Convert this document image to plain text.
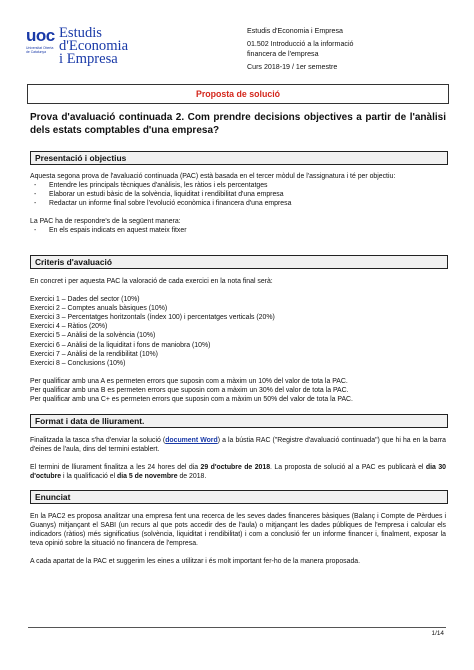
uoc
Universitat Oberta de Catalunya
Estudis
d'Economia
i Empresa
Estudis d'Economia i Empresa
01.502 Introducció a la informació
financera de l'empresa
Curs 2018-19 / 1er semestre
Proposta de solució
Prova d'avaluació continuada 2. Com prendre decisions objectives a partir de l'anàlisi dels estats comptables d'una empresa?
Presentació i objectius

Aquesta segona prova de l'avaluació continuada (PAC) està basada en el tercer mòdul de l'assignatura i té per objectiu:

- Entendre les principals tècniques d'anàlisis, les ràtios i els percentatges
- Elaborar un estudi bàsic de la solvència, liquiditat i rendibilitat d'una empresa
- Redactar un informe final sobre l'evolució econòmica i financera d'una empresa

La PAC ha de respondre's de la següent manera:

- En els espais indicats en aquest mateix fitxer
Criteris d'avaluació

En concret i per aquesta PAC la valoració de cada exercici en la nota final serà:

Exercici 1 – Dades del sector (10%)
Exercici 2 – Comptes anuals bàsiques (10%)
Exercici 3 – Percentatges horitzontals (índex 100) i percentatges verticals (20%)
Exercici 4 – Ràtios (20%)
Exercici 5 – Anàlisi de la solvència (10%)
Exercici 6 – Anàlisi de la liquiditat i fons de maniobra (10%)
Exercici 7 – Anàlisi de la rendibilitat (10%)
Exercici 8 – Conclusions (10%)
Per qualificar amb una A es permeten errors que suposin com a màxim un 10% del valor de tota la PAC.
Per qualificar amb una B es permeten errors que suposin com a màxim un 30% del valor de tota la PAC.
Per qualificar amb una C+ es permeten errors que suposin com a màxim un 50% del valor de tota la PAC.
Format i data de lliurament.

Finalitzada la tasca s'ha d'enviar la solució (document Word) a la bústia RAC ("Registre d'avaluació continuada") que hi ha en la barra d'eines de l'aula, dins del termini establert.

El termini de lliurament finalitza a les 24 hores del dia 29 d'octubre de 2018. La proposta de solució al a PAC es publicarà el dia 30 d'octubre i la qualificació el dia 5 de novembre de 2018.

Enunciat

En la PAC2 es proposa analitzar una empresa fent una recerca de les seves dades financeres bàsiques (Balanç i Compte de Pèrdues i Guanys) mitjançant el SABI (un recurs al que pots accedir des de l'aula) o mitjançant les dades públiques de l'empresa i calcular els indicadors (ràtios) més significatius (solvència, liquiditat i rendibilitat) i com a conclusió fer un informe financer i, finalment, exposar la teva opinió sobre la situació no financera de l'empresa.

A cada apartat de la PAC et suggerim les eines a utilitzar i és molt important fer-ho de la manera proposada.

1/14
